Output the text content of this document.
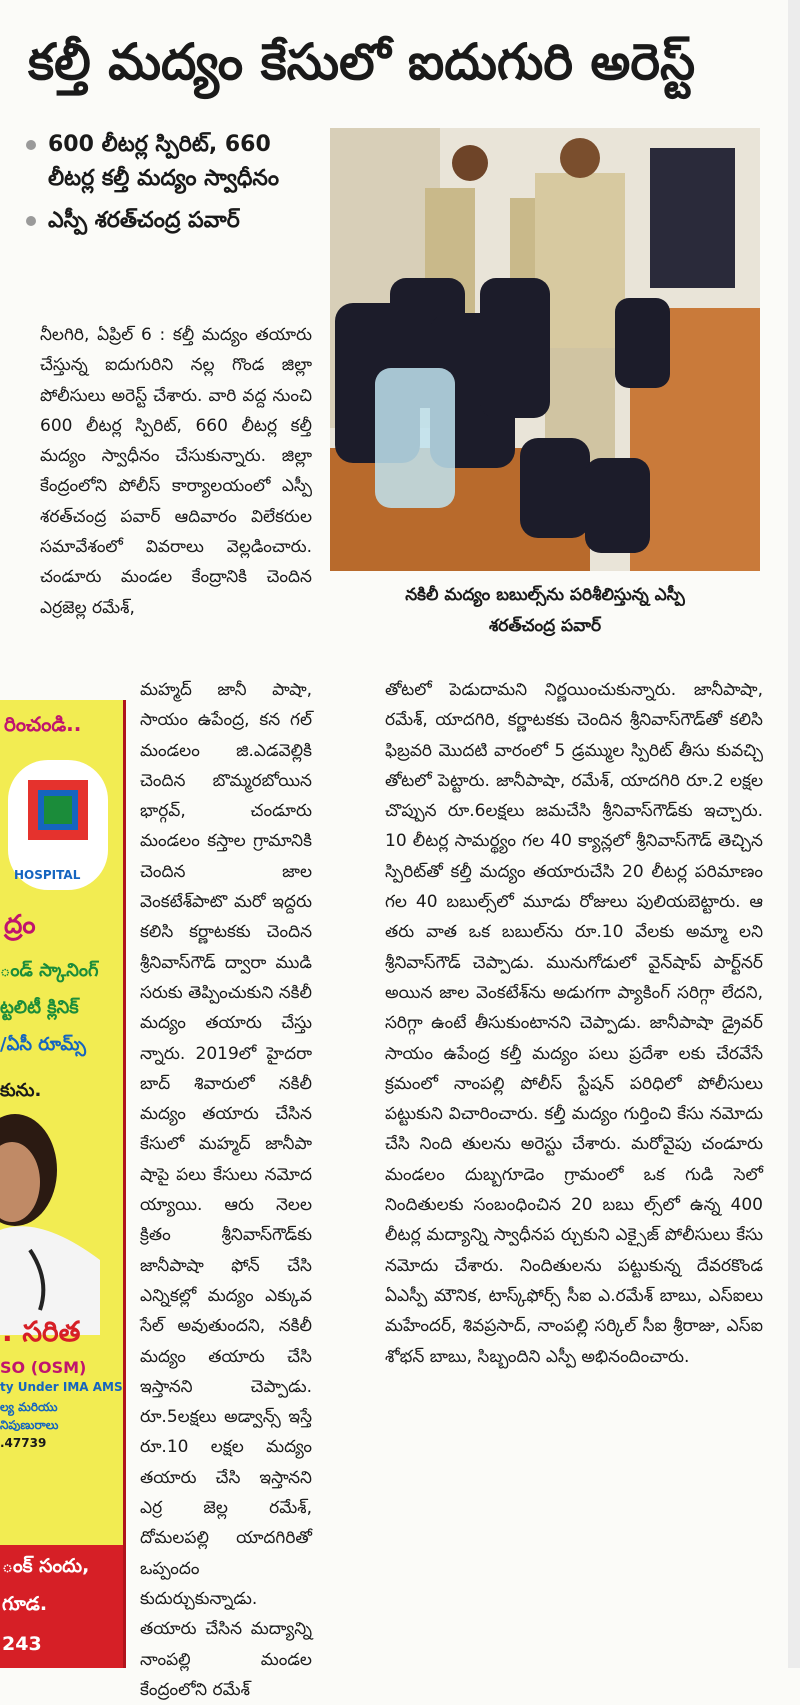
కల్తీ మద్యం కేసులో ఐదుగురి అరెస్ట్
600 లీటర్ల స్పిరిట్, 660 లీటర్ల కల్తీ మద్యం స్వాధీనం
ఎస్పీ శరత్‌చంద్ర పవార్
నకిలీ మద్యం బబుల్స్‌ను పరిశీలిస్తున్న ఎస్పీ శరత్‌చంద్ర పవార్

నీలగిరి, ఏప్రిల్ 6 : కల్తీ మద్యం తయారు చేస్తున్న ఐదుగురిని నల్ల గొండ జిల్లా పోలీసులు అరెస్ట్ చేశారు. వారి వద్ద నుంచి 600 లీటర్ల స్పిరిట్, 660 లీటర్ల కల్తీ మద్యం స్వాధీనం చేసుకున్నారు. జిల్లా కేంద్రంలోని పోలీస్ కార్యాలయంలో ఎస్పీ శరత్‌చంద్ర పవార్ ఆదివారం విలేకరుల సమావేశంలో వివరాలు వెల్లడించారు. చండూరు మండల కేంద్రానికి చెందిన ఎర్రజెల్ల రమేశ్,

మహ్మద్ జానీ పాషా, సాయం ఉపేంద్ర, కన గల్ మండలం జి.ఎడవెల్లికి చెందిన బొమ్మరబోయిన భార్గవ్, చండూరు మండలం కస్తాల గ్రామానికి చెందిన జాల వెంకటేశ్‌పాటొ మరో ఇద్దరు కలిసి కర్ణాటకకు చెందిన శ్రీనివాస్‌గౌడ్ ద్వారా ముడి సరుకు తెప్పించుకుని నకిలీ మద్యం తయారు చేస్తు న్నారు. 2019లో హైదరా బాద్ శివారులో నకిలీ మద్యం తయారు చేసిన కేసులో మహ్మద్ జానీపా షాపై పలు కేసులు నమోద య్యాయి. ఆరు నెలల క్రితం శ్రీనివాస్‌గౌడ్‌కు జానీపాషా ఫోన్ చేసి ఎన్నికల్లో మద్యం ఎక్కువ సేల్ అవుతుందని, నకిలీ మద్యం తయారు చేసి ఇస్తానని చెప్పాడు. రూ.5లక్షలు అడ్వాన్స్ ఇస్తే రూ.10 లక్షల మద్యం తయారు చేసి ఇస్తానని ఎర్ర జెల్ల రమేశ్, దోమలపల్లి యాదగిరితో ఒప్పందం కుదుర్చుకున్నాడు. తయారు చేసిన మద్యాన్ని నాంపల్లి మండల కేంద్రంలోని రమేశ్

తోటలో పెడుదామని నిర్ణయించుకున్నారు. జానీపాషా, రమేశ్, యాదగిరి, కర్ణాటకకు చెందిన శ్రీనివాస్‌గౌడ్‌తో కలిసి ఫిబ్రవరి మొదటి వారంలో 5 డ్రమ్ముల స్పిరిట్ తీసు కువచ్చి తోటలో పెట్టారు. జానీపాషా, రమేశ్, యాదగిరి రూ.2 లక్షల చొప్పున రూ.6లక్షలు జమచేసి శ్రీనివాస్‌గౌడ్‌కు ఇచ్చారు. 10 లీటర్ల సామర్థ్యం గల 40 క్యాన్లలో శ్రీనివాస్‌గౌడ్ తెచ్చిన స్పిరిట్‌తో కల్తీ మద్యం తయారుచేసి 20 లీటర్ల పరిమాణం గల 40 బబుల్స్‌లో మూడు రోజులు పులియబెట్టారు. ఆ తరు వాత ఒక బబుల్‌ను రూ.10 వేలకు అమ్మా లని శ్రీనివాస్‌గౌడ్ చెప్పాడు. మునుగోడులో వైన్‌షాప్ పార్ట్‌నర్ అయిన జాల వెంకటేశ్‌ను అడుగగా ప్యాకింగ్ సరిగ్గా లేదని, సరిగ్గా ఉంటే తీసుకుంటానని చెప్పాడు. జానీపాషా డ్రైవర్ సాయం ఉపేంద్ర కల్తీ మద్యం పలు ప్రదేశా లకు చేరవేసే క్రమంలో నాంపల్లి పోలీస్ స్టేషన్ పరిధిలో పోలీసులు పట్టుకుని విచారించారు. కల్తీ మద్యం గుర్తించి కేసు నమోదు చేసి నింది తులను అరెస్టు చేశారు. మరోవైపు చండూరు మండలం దుబ్బగూడెం గ్రామంలో ఒక గుడి సెలో నిందితులకు సంబంధించిన 20 బబు ల్స్‌లో ఉన్న 400 లీటర్ల మద్యాన్ని స్వాధీనప ర్చుకుని ఎక్సైజ్ పోలీసులు కేసు నమోదు చేశారు. నిందితులను పట్టుకున్న దేవరకొండ ఏఎస్పీ మౌనిక, టాస్క్‌ఫోర్స్ సీఐ ఎ.రమేశ్ బాబు, ఎస్‌ఐలు మహేందర్, శివప్రసాద్, నాంపల్లి సర్కిల్ సీఐ శ్రీరాజు, ఎస్‌ఐ శోభన్ బాబు, సిబ్బందిని ఎస్పీ అభినందించారు.

రించండి..
HOSPITAL
ద్రం
ండ్ స్కానింగ్
ట్టలిటీ క్లినిక్
/ఏసీ రూమ్స్
కును.
. సరిత
SO (OSM)
ty Under IMA AMS
ల్య మరియు
నిపుణురాలు
.47739
ంక్ సందు,
గూడ.
243
